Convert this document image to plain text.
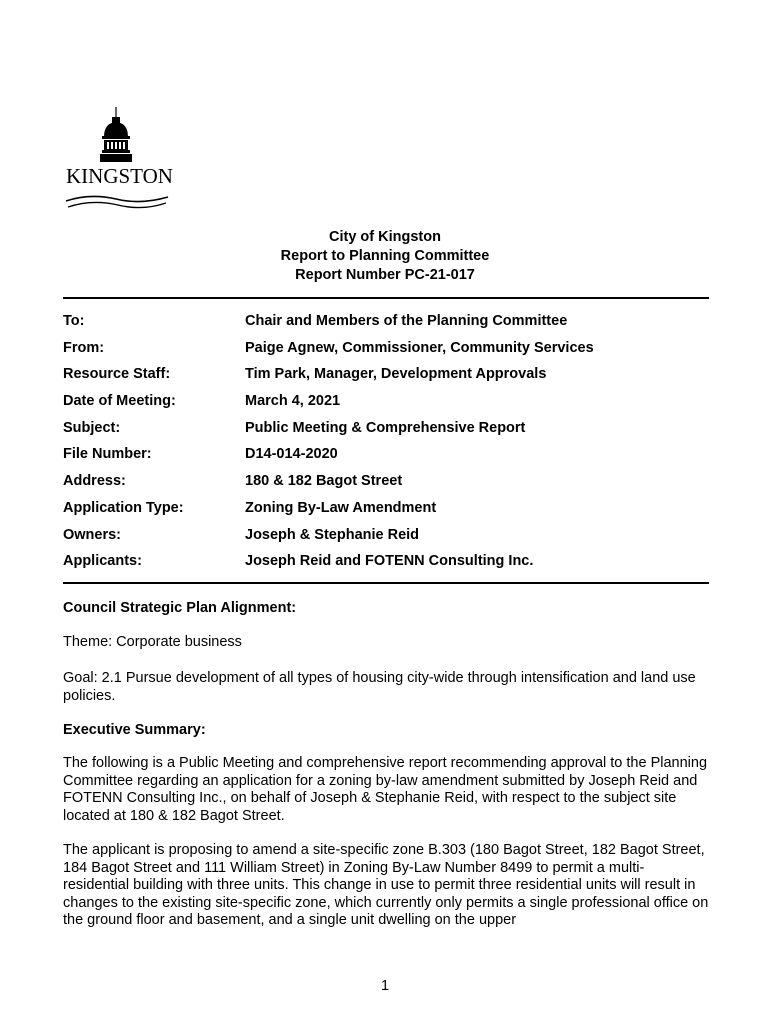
KINGSTON
City of Kingston
Report to Planning Committee
Report Number PC-21-017
To:	Chair and Members of the Planning Committee
From:	Paige Agnew, Commissioner, Community Services
Resource Staff:	Tim Park, Manager, Development Approvals
Date of Meeting:	March 4, 2021
Subject:	Public Meeting & Comprehensive Report
File Number:	D14-014-2020
Address:	180 & 182 Bagot Street
Application Type:	Zoning By-Law Amendment
Owners:	Joseph & Stephanie Reid
Applicants:	Joseph Reid and FOTENN Consulting Inc.
Council Strategic Plan Alignment:
Theme: Corporate business
Goal: 2.1 Pursue development of all types of housing city-wide through intensification and land use policies.
Executive Summary:
The following is a Public Meeting and comprehensive report recommending approval to the Planning Committee regarding an application for a zoning by-law amendment submitted by Joseph Reid and FOTENN Consulting Inc., on behalf of Joseph & Stephanie Reid, with respect to the subject site located at 180 & 182 Bagot Street.
The applicant is proposing to amend a site-specific zone B.303 (180 Bagot Street, 182 Bagot Street, 184 Bagot Street and 111 William Street) in Zoning By-Law Number 8499 to permit a multi-residential building with three units. This change in use to permit three residential units will result in changes to the existing site-specific zone, which currently only permits a single professional office on the ground floor and basement, and a single unit dwelling on the upper
1
